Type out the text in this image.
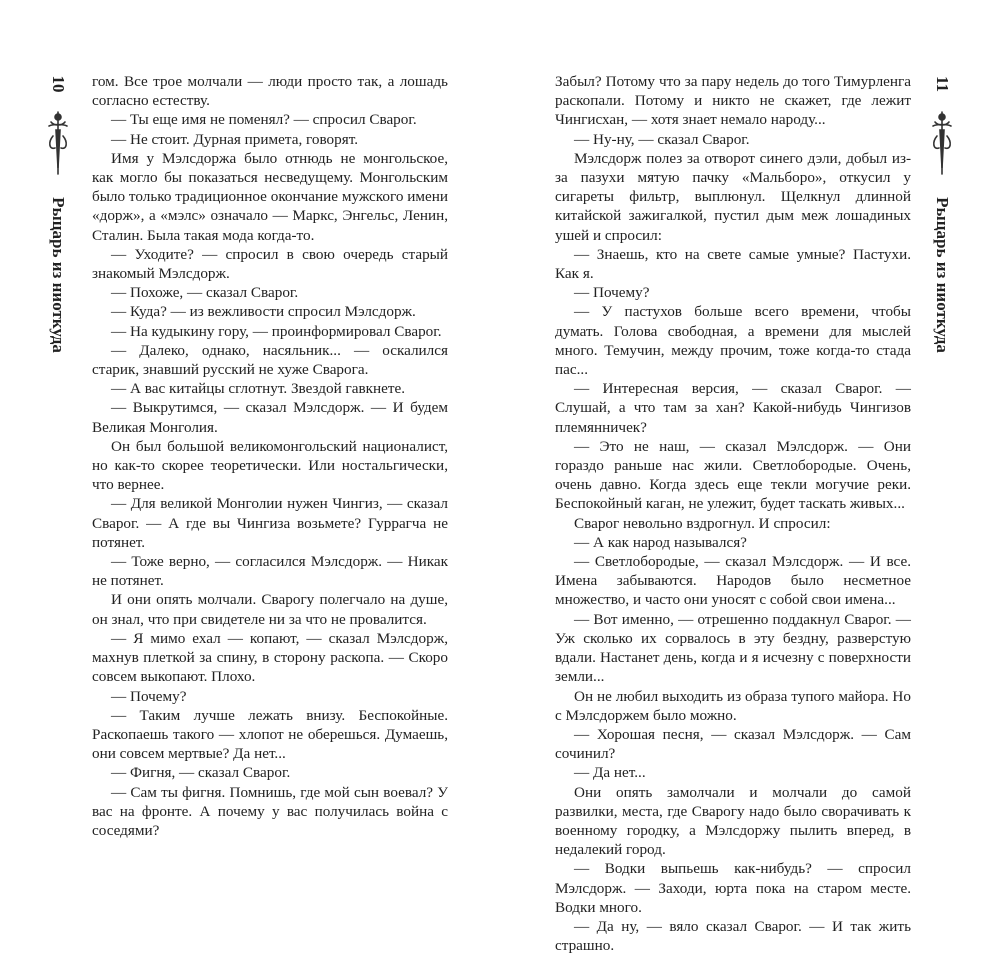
10
Рыцарь из ниоткуда

гом. Все трое молчали — люди просто так, а лошадь согласно естеству.

— Ты еще имя не поменял? — спросил Сварог.

— Не стоит. Дурная примета, говорят.

Имя у Мэлсдоржа было отнюдь не монгольское, как могло бы показаться несведущему. Монгольским было только традиционное окончание мужского имени «дорж», а «мэлс» означало — Маркс, Энгельс, Ленин, Сталин. Была такая мода когда-то.

— Уходите? — спросил в свою очередь старый знакомый Мэлсдорж.

— Похоже, — сказал Сварог.

— Куда? — из вежливости спросил Мэлсдорж.

— На кудыкину гору, — проинформировал Сварог.

— Далеко, однако, насяльник... — оскалился старик, знавший русский не хуже Сварога.

— А вас китайцы сглотнут. Звездой гавкнете.

— Выкрутимся, — сказал Мэлсдорж. — И будем Великая Монголия.

Он был большой великомонгольский националист, но как-то скорее теоретически. Или ностальгически, что вернее.

— Для великой Монголии нужен Чингиз, — сказал Сварог. — А где вы Чингиза возьмете? Гуррагча не потянет.

— Тоже верно, — согласился Мэлсдорж. — Никак не потянет.

И они опять молчали. Сварогу полегчало на душе, он знал, что при свидетеле ни за что не провалится.

— Я мимо ехал — копают, — сказал Мэлсдорж, махнув плеткой за спину, в сторону раскопа. — Скоро совсем выкопают. Плохо.

— Почему?

— Таким лучше лежать внизу. Беспокойные. Раскопаешь такого — хлопот не оберешься. Думаешь, они совсем мертвые? Да нет...

— Фигня, — сказал Сварог.

— Сам ты фигня. Помнишь, где мой сын воевал? У вас на фронте. А почему у вас получилась война с соседями?

11
Рыцарь из ниоткуда

Забыл? Потому что за пару недель до того Тимурленга раскопали. Потому и никто не скажет, где лежит Чингисхан, — хотя знает немало народу...

— Ну-ну, — сказал Сварог.

Мэлсдорж полез за отворот синего дэли, добыл из-за пазухи мятую пачку «Мальборо», откусил у сигареты фильтр, выплюнул. Щелкнул длинной китайской зажигалкой, пустил дым меж лошадиных ушей и спросил:

— Знаешь, кто на свете самые умные? Пастухи. Как я.

— Почему?

— У пастухов больше всего времени, чтобы думать. Голова свободная, а времени для мыслей много. Темучин, между прочим, тоже когда-то стада пас...

— Интересная версия, — сказал Сварог. — Слушай, а что там за хан? Какой-нибудь Чингизов племянничек?

— Это не наш, — сказал Мэлсдорж. — Они гораздо раньше нас жили. Светлобородые. Очень, очень давно. Когда здесь еще текли могучие реки. Беспокойный каган, не улежит, будет таскать живых...

Сварог невольно вздрогнул. И спросил:

— А как народ назывался?

— Светлобородые, — сказал Мэлсдорж. — И все. Имена забываются. Народов было несметное множество, и часто они уносят с собой свои имена...

— Вот именно, — отрешенно поддакнул Сварог. — Уж сколько их сорвалось в эту бездну, разверстую вдали. Настанет день, когда и я исчезну с поверхности земли...

Он не любил выходить из образа тупого майора. Но с Мэлсдоржем было можно.

— Хорошая песня, — сказал Мэлсдорж. — Сам сочинил?

— Да нет...

Они опять замолчали и молчали до самой развилки, места, где Сварогу надо было сворачивать к военному городку, а Мэлсдоржу пылить вперед, в недалекий город.

— Водки выпьешь как-нибудь? — спросил Мэлсдорж. — Заходи, юрта пока на старом месте. Водки много.

— Да ну, — вяло сказал Сварог. — И так жить страшно.
